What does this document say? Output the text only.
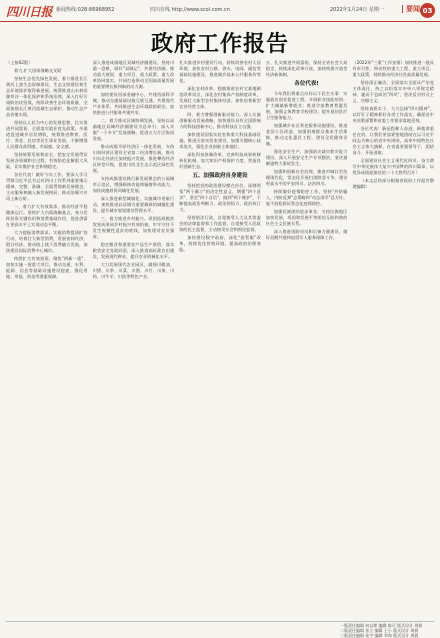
四川日报 新闻热线:028-86968952	四川在线 http://www.scol.com.cn	2022年1月24日 星期一	要闻 03
政府工作报告

（上接02版）

着力,扩大国家战略交叉联

坚持生态优先绿色发展，着力推进长江黄河上游生态屏障建设，生态文明建设和生态环境保护取得新进展。统筹推进山水林田湖草沙一体化保护和系统治理，深入打好污染防治攻坚战，持续改善生态环境质量，全面加强长江黄河流域生态保护，推动生态产品价值实现。

坚持以人民为中心的发展思想，扎实推进共同富裕，全面落实就业优先政策，多渠道促进城乡居民增收，统筹推进教育、医疗、养老、住房等民生事业发展，不断增强人民群众获得感、幸福感、安全感。

坚持统筹发展和安全，把安全发展贯穿发展各领域和全过程，有效防范化解重大风险，切实维护社会和谐稳定。

各位代表！做好今年工作，要深入学习贯彻习近平总书记对四川工作系列重要指示精神，完整、准确、全面贯彻新发展理念，主动服务和融入新发展格局，推动治蜀兴川再上新台阶。

一、着力扩大有效需求，推动经济平稳健康运行。坚持扩大内需战略基点，充分发挥投资关键作用和消费基础作用，促进供需在更高水平上实现动态平衡。

大力提振消费需求。实施消费提质扩容行动，培育壮大新型消费，发展夜间经济、假日经济，推动线上线下消费融合发展，加快建设国际消费中心城市。

持续扩大有效投资。聚焦"两新一重"，加快实施一批重大项目，推动交通、水利、能源、信息等基础设施建设提速，强化用地、用能、资金等要素保障。

深入推进成渝地区双城经济圈建设。坚持川渝一盘棋，唱好"双城记"，共建经济圈，推动重大规划、重大项目、重大政策、重大改革协同落实，共同打造带动全国高质量发展的重要增长极和新的动力源。

加快建设西部金融中心，共建西部科学城，推动交通基础设施互联互通，共建现代产业体系，共同推进生态环境联防联治，加快推进公共服务共建共享。

二、着力推动区域协调发展。坚持以成渝地区双城经济圈建设为总牵引，深入实施"一干多支"发展战略，促进五大片区协同发展。

推动成都平原经济区一体化发展，支持川南经济区建设全省第二经济增长极，推动川东北经济区加快振兴发展，推进攀西经济区转型升级，促进川西北生态示范区绿色发展。

支持成都建设践行新发展理念的公园城市示范区，增强极核功能和辐射带动能力，加快成德眉资同城化发展。

深入推进新型城镇化，实施城市更新行动，加快推进以县城为重要载体的城镇化建设，提升城市规划建设管理水平。

三、着力推进乡村振兴。巩固拓展脱贫攻坚成果同乡村振兴有效衔接，牢牢守住不发生规模性返贫的底线，加快建设农业强省。

稳定粮食和重要农产品生产供给，落实粮食安全党政同责，深入推进高标准农田建设，发展现代种业，提升农业机械化水平。

大力发展现代农业园区，做强川粮油、川猪、川茶、川菜、川酒、川竹、川果、川药、川牛羊、川鱼等特色产业。

扎实推进乡村建设行动，持续改善农村人居环境，加快农村公路、供水、电网、通信等基础设施建设，推进城乡基本公共服务均等化。

深化农村改革，稳慎推进农村宅基地制度改革试点，深化农村集体产权制度改革，发展壮大新型农村集体经济，加快培育新型农业经营主体。

四、着力增强创新驱动能力。深入实施创新驱动发展战略，加快建设具有全国影响力的科技创新中心，推动科技自立自强。

加快建设国家实验室和重大科技基础设施，推进天府实验室建设，加强关键核心技术攻关，强化企业创新主体地位。

深化科技体制改革，完善科技成果转移转化机制，加大知识产权保护力度，营造良好创新生态。

五、加强政府自身建设

坚持把党的政治建设摆在首位，深刻领悟"两个确立"的决定性意义，增强"四个意识"、坚定"四个自信"、做到"两个维护"，不断提高政治判断力、政治领悟力、政治执行力。

坚持依法行政，自觉接受人大及其常委会的法律监督和工作监督，自觉接受人民政协的民主监督，主动接受社会和舆论监督。

加快建设数字政府，深化"放管服"改革，持续优化营商环境，提高政府治理效能。

五、扎实推进共同富裕，保持全省社会大局稳定。持续深化改革开放，加快构建开放型经济新体制。

各位代表!

今年我们将重点办好以下民生实事：实施就业创业促进工程，开展职业技能培训，扩大城镇新增就业；推进学前教育普惠发展，加强义务教育学校建设；提升基层医疗卫生服务能力。

加强城乡社区养老服务设施建设，推进老旧小区改造，加强困难群众基本生活保障，推动文化惠民工程，建设全民健身设施。

强化安全生产，加强防灾减灾救灾能力建设，深入开展安全生产专项整治，坚决遏制重特大事故发生。

加强和创新社会治理，推进市域社会治理现代化，常态化开展扫黑除恶斗争，建设更高水平的平安四川、法治四川。

持续做好疫情防控工作，坚持"外防输入、内防反弹"总策略和"动态清零"总方针，毫不放松抓好常态化疫情防控。

加强民族团结进步事业，支持民族地区加快发展，巩固和发展平等团结互助和谐的社会主义民族关系。

深入推进国防动员和后备力量建设，做好双拥共建和退役军人服务保障工作。

（2022年"三重"工作安排）加快推进一批具有牵引性、带动性的重大工程、重大项目、重大政策，持续推动经济社会高质量发展。

坚持清正廉洁，全面落实全面从严治党主体责任，持之以恒落实中央八项规定精神，驰而不息纠治"四风"，坚决反对形式主义、官僚主义。

坚持真抓实干，大力弘扬"四川精神"，以钉钉子精神抓好各项工作落实，确保党中央决策部署和省委工作要求落地见效。

各位代表！新征程催人奋进，新使命重任在肩。让我们更加紧密地团结在以习近平同志为核心的党中央周围，高举中国特色社会主义伟大旗帜，在省委坚强领导下，团结奋斗、开拓进取。

全面建设社会主义现代化四川，奋力谱写中华民族伟大复兴中国梦的四川篇章，以优异成绩迎接党的二十大胜利召开！

（本文总结部分根据省政府工作报告整理编辑）

一版责任编辑 何以理 编辑 陈可 版式设计 周润
二版责任编辑 张立 编辑 王小 版式设计 周润
三版责任编辑 张宇 编辑 李海 版式设计 周润
